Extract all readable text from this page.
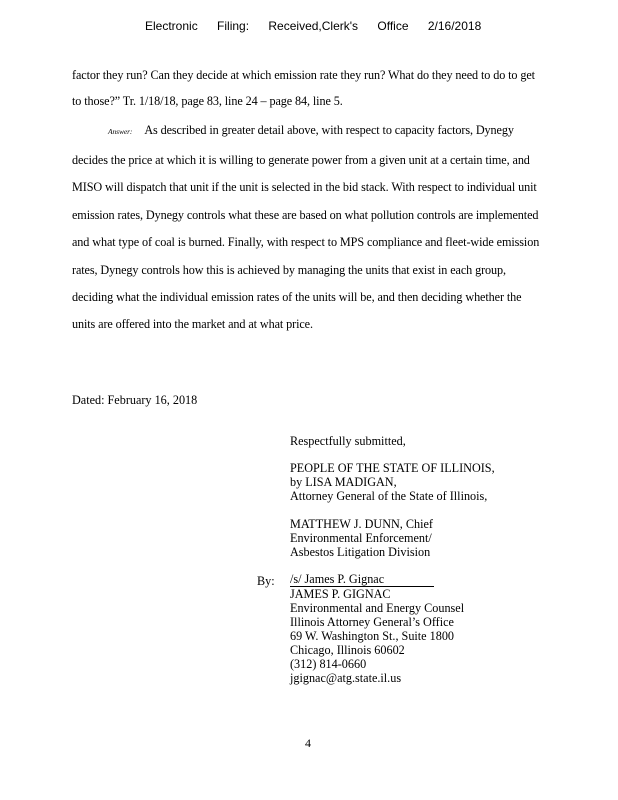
Electronic Filing: Received,Clerk's Office 2/16/2018
factor they run? Can they decide at which emission rate they run? What do they need to do to get
to those?” Tr. 1/18/18, page 83, line 24 – page 84, line 5.
Answer: As described in greater detail above, with respect to capacity factors, Dynegy
decides the price at which it is willing to generate power from a given unit at a certain time, and
MISO will dispatch that unit if the unit is selected in the bid stack. With respect to individual unit
emission rates, Dynegy controls what these are based on what pollution controls are implemented
and what type of coal is burned. Finally, with respect to MPS compliance and fleet-wide emission
rates, Dynegy controls how this is achieved by managing the units that exist in each group,
deciding what the individual emission rates of the units will be, and then deciding whether the
units are offered into the market and at what price.
Dated: February 16, 2018
Respectfully submitted,
PEOPLE OF THE STATE OF ILLINOIS,
by LISA MADIGAN,
Attorney General of the State of Illinois,
MATTHEW J. DUNN, Chief
Environmental Enforcement/
Asbestos Litigation Division
By: /s/ James P. Gignac
JAMES P. GIGNAC
Environmental and Energy Counsel
Illinois Attorney General’s Office
69 W. Washington St., Suite 1800
Chicago, Illinois 60602
(312) 814-0660
jgignac@atg.state.il.us
4
